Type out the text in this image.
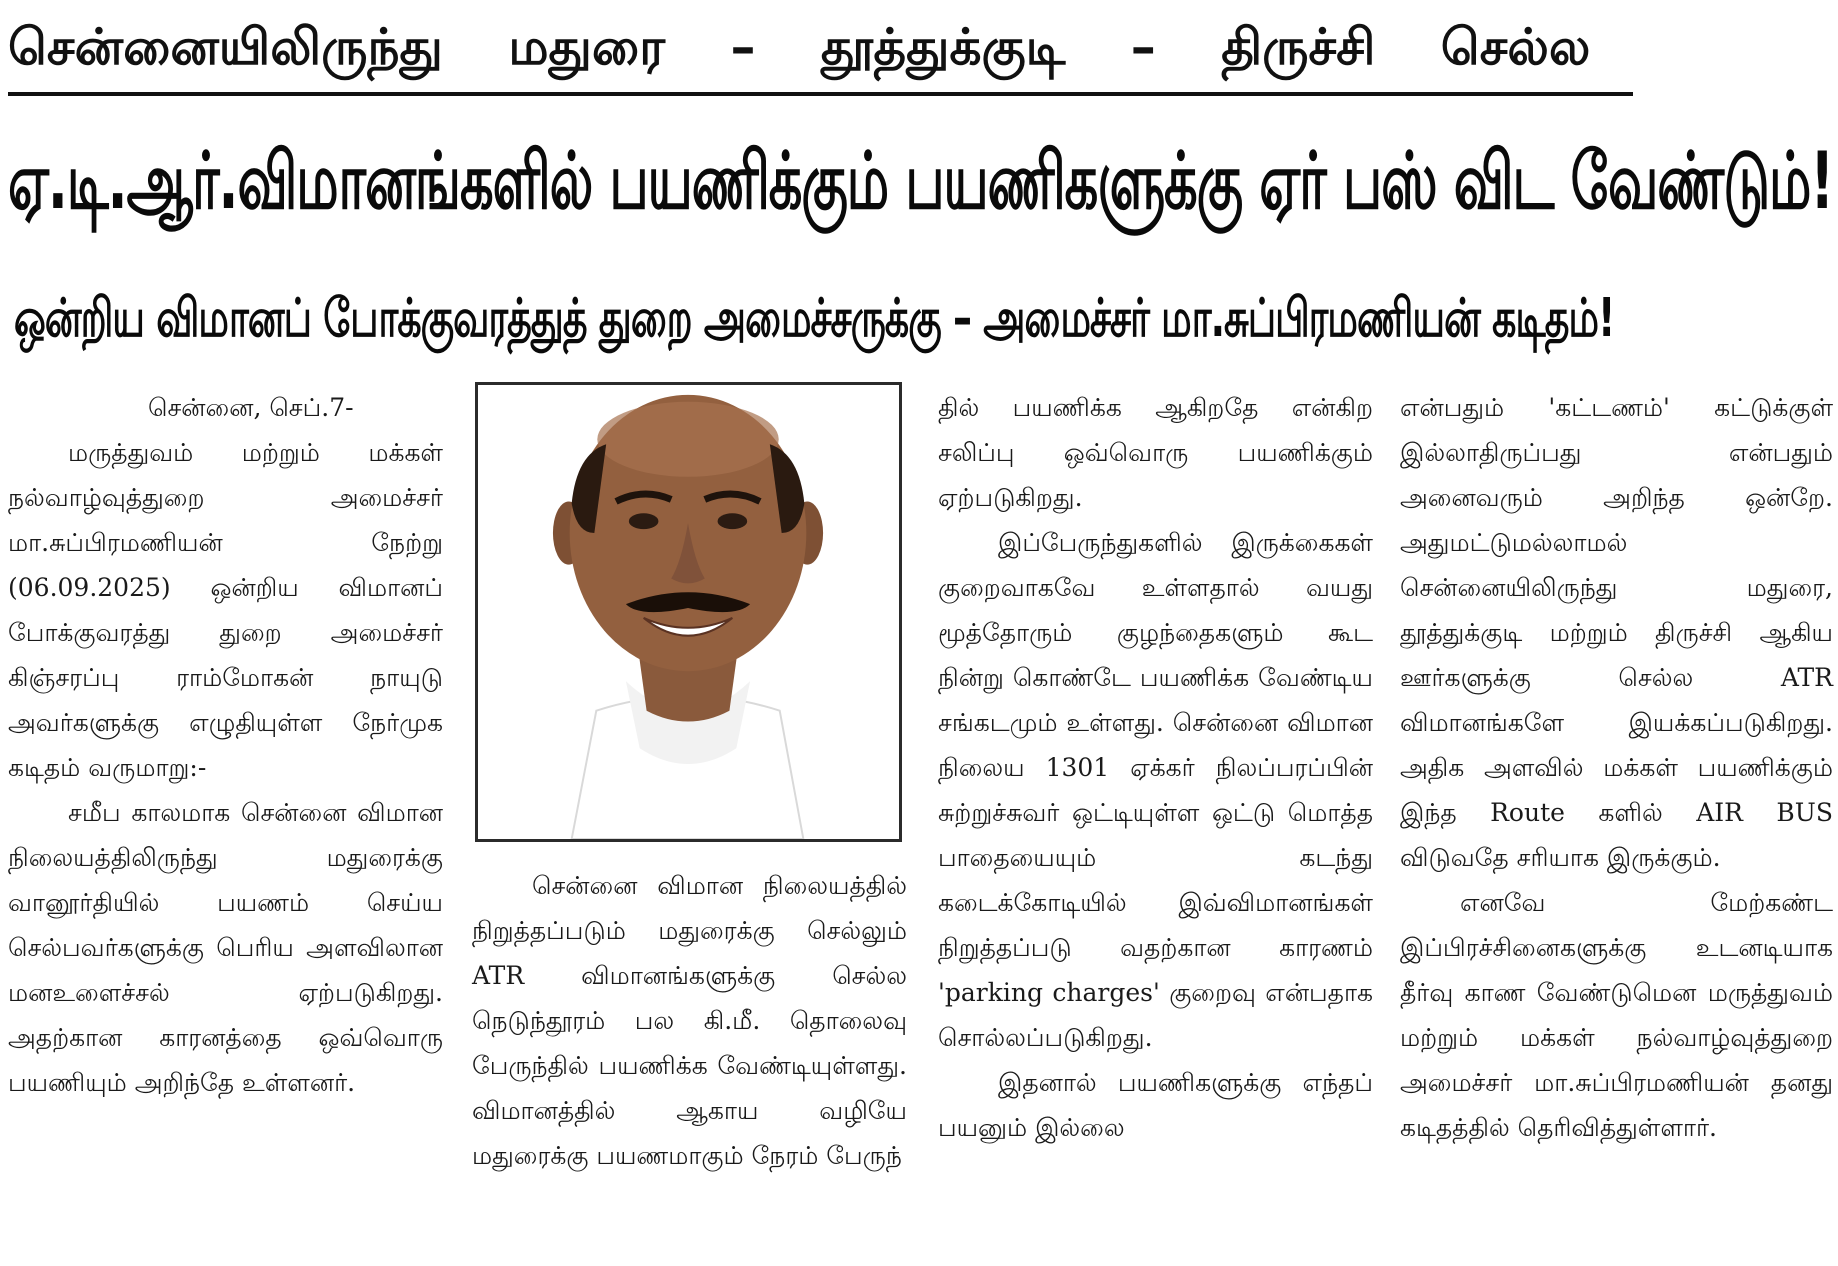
சென்னையிலிருந்து மதுரை – தூத்துக்குடி – திருச்சி செல்ல
ஏ.டி.ஆர்.விமானங்களில் பயணிக்கும் பயணிகளுக்கு ஏர் பஸ் விட வேண்டும்!
ஒன்றிய விமானப் போக்குவரத்துத் துறை அமைச்சருக்கு – அமைச்சர் மா.சுப்பிரமணியன் கடிதம்!

சென்னை, செப்.7-

மருத்துவம் மற்றும் மக்கள் நல்வாழ்வுத்துறை அமைச்சர் மா.சுப்பிரமணியன் நேற்று (06.09.2025) ஒன்றிய விமானப் போக்குவரத்து துறை அமைச்சர் கிஞ்சரப்பு ராம்மோகன் நாயுடு அவர்களுக்கு எழுதியுள்ள நேர்முக கடிதம் வருமாறு:-

சமீப காலமாக சென்னை விமான நிலையத்திலிருந்து மதுரைக்கு வானூர்தியில் பயணம் செய்ய செல்பவர்களுக்கு பெரிய அளவிலான மனஉளைச்சல் ஏற்படுகிறது. அதற்கான காரனத்தை ஒவ்வொரு பயணியும் அறிந்தே உள்ளனர்.

சென்னை விமான நிலையத்தில் நிறுத்தப்படும் மதுரைக்கு செல்லும் ATR விமானங்களுக்கு செல்ல நெடுந்தூரம் பல கி.மீ. தொலைவு பேருந்தில் பயணிக்க வேண்டியுள்ளது. விமானத்தில் ஆகாய வழியே மதுரைக்கு பயணமாகும் நேரம் பேருந்

தில் பயணிக்க ஆகிறதே என்கிற சலிப்பு ஒவ்வொரு பயணிக்கும் ஏற்படுகிறது.

இப்பேருந்துகளில் இருக்கைகள் குறைவாகவே உள்ளதால் வயது மூத்தோரும் குழந்தைகளும் கூட நின்று கொண்டே பயணிக்க வேண்டிய சங்கடமும் உள்ளது. சென்னை விமான நிலைய 1301 ஏக்கர் நிலப்பரப்பின் சுற்றுச்சுவர் ஒட்டியுள்ள ஒட்டு மொத்த பாதையையும் கடந்து கடைக்கோடியில் இவ்விமானங்கள் நிறுத்தப்படு வதற்கான காரணம் 'parking charges' குறைவு என்பதாக சொல்லப்படுகிறது.

இதனால் பயணிகளுக்கு எந்தப் பயனும் இல்லை

என்பதும் 'கட்டணம்' கட்டுக்குள் இல்லாதிருப்பது என்பதும் அனைவரும் அறிந்த ஒன்றே. அதுமட்டுமல்லாமல் சென்னையிலிருந்து மதுரை, தூத்துக்குடி மற்றும் திருச்சி ஆகிய ஊர்களுக்கு செல்ல ATR விமானங்களே இயக்கப்படுகிறது. அதிக அளவில் மக்கள் பயணிக்கும் இந்த Route களில் AIR BUS விடுவதே சரியாக இருக்கும்.

எனவே மேற்கண்ட இப்பிரச்சினைகளுக்கு உடனடியாக தீர்வு காண வேண்டுமென மருத்துவம் மற்றும் மக்கள் நல்வாழ்வுத்துறை அமைச்சர் மா.சுப்பிரமணியன் தனது கடிதத்தில் தெரிவித்துள்ளார்.
